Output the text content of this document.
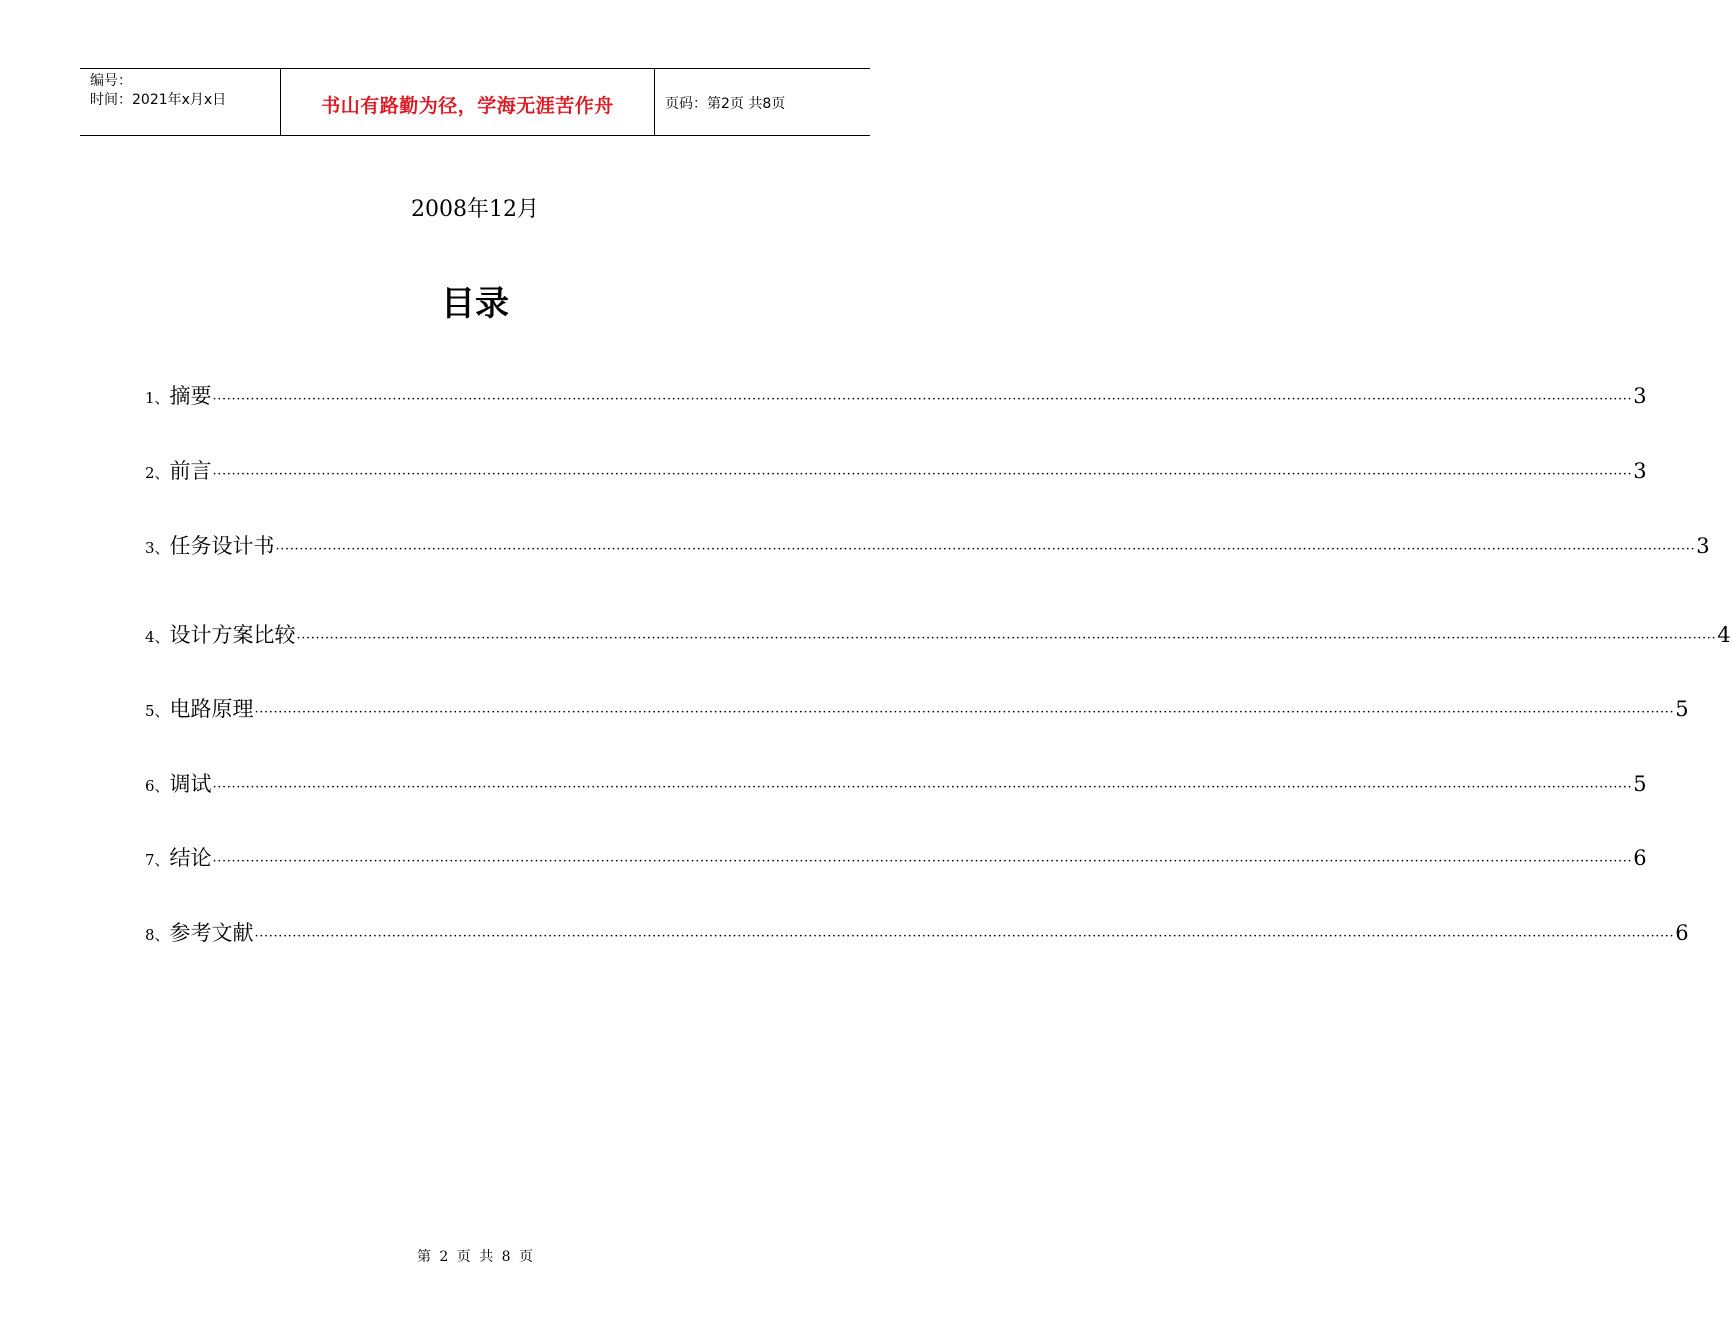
编号：
时间：2021年x月x日	书山有路勤为径，学海无涯苦作舟	页码：第2页 共8页
2008年12月
目录
1、 摘要 ············································································································································································································································································································ 3
2、 前言 ············································································································································································································································································································ 3
3、 任务设计书 ············································································································································································································································································································ 3
4、 设计方案比较 ············································································································································································································································································································ 4
5、 电路原理 ············································································································································································································································································································ 5
6、 调试 ············································································································································································································································································································ 5
7、 结论 ············································································································································································································································································································ 6
8、 参考文献 ············································································································································································································································································································ 6
第 2 页 共 8 页
